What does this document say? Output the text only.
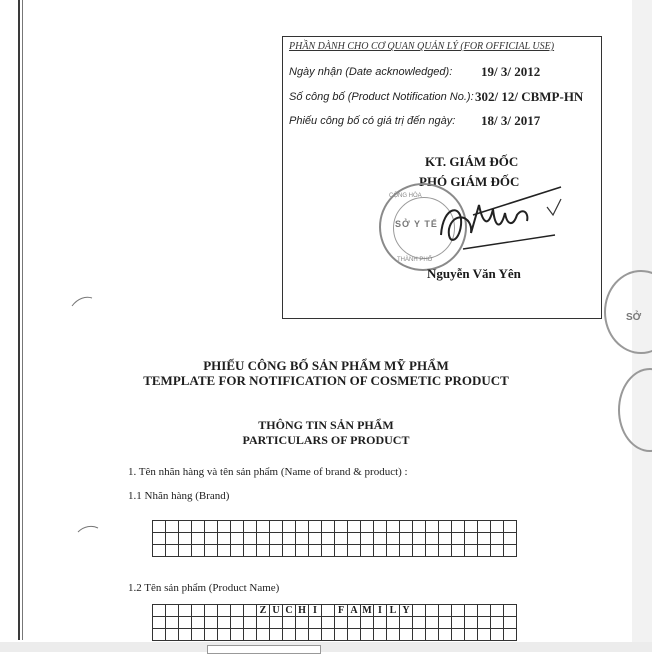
PHẦN DÀNH CHO CƠ QUAN QUẢN LÝ (FOR OFFICIAL USE)
Ngày nhận (Date acknowledged): 19/ 3/ 2012
Số công bố (Product Notification No.): 302/ 12/ CBMP-HN
Phiếu công bố có giá trị đến ngày: 18/ 3/ 2017
KT. GIÁM ĐỐC
PHÓ GIÁM ĐỐC
CỘNG HÒA
SỞ Y TẾ
THÀNH PHỐ
Nguyễn Văn Yên
SỞ
PHIẾU CÔNG BỐ SẢN PHẨM MỸ PHẨM
TEMPLATE FOR NOTIFICATION OF COSMETIC PRODUCT
THÔNG TIN SẢN PHẨM
PARTICULARS OF PRODUCT
1. Tên nhãn hàng và tên sản phẩm (Name of brand & product) :
1.1 Nhãn hàng (Brand)

1.2 Tên sản phẩm (Product Name)
								Z	U	C	H	I		F	A	M	I	L	Y								
